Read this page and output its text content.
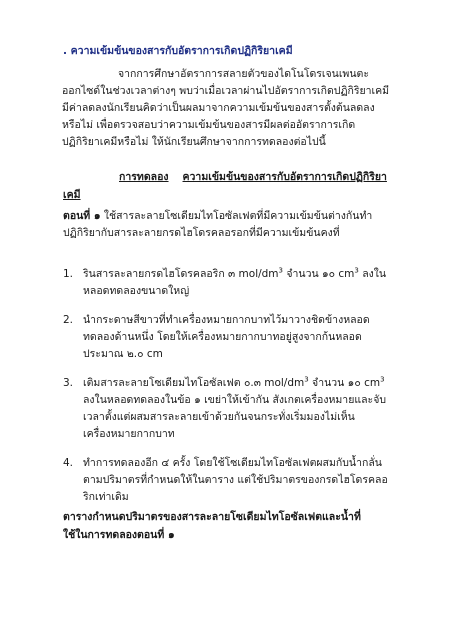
. ความเข้มข้นของสารกับอัตราการเกิดปฏิกิริยาเคมี

จากการศึกษาอัตราการสลายตัวของไดโนโดรเจนเพนตะออกไซด์ในช่วงเวลาต่างๆ พบว่าเมื่อเวลาผ่านไปอัตราการเกิดปฏิกิริยาเคมีมีค่าลดลงนักเรียนคิดว่าเป็นผลมาจากความเข้มข้นของสารตั้งต้นลดลงหรือไม่ เพื่อตรวจสอบว่าความเข้มข้นของสารมีผลต่ออัตราการเกิดปฏิกิริยาเคมีหรือไม่ ให้นักเรียนศึกษาจากการทดลองต่อไปนี้

การทดลอง ความเข้มข้นของสารกับอัตราการเกิดปฏิกิริยาเคมี
ตอนที่ ๑ ใช้สารละลายโซเดียมไทโอซัลเฟตที่มีความเข้มข้นต่างกันทำปฏิกิริยากับสารละลายกรดไฮโดรคลอรอกที่มีความเข้มข้นคงที่
1. รินสารละลายกรดไฮโดรคลอริก ๓ mol/$dm^3$ จำนวน ๑๐ $cm^3$ ลงในหลอดทดลองขนาดใหญ่
2. นำกระดาษสีขาวที่ทำเครื่องหมายกากบาทไว้มาวางชิดข้างหลอดทดลองด้านหนึ่ง โดยให้เครื่องหมายกากบาทอยู่สูงจากก้นหลอดประมาณ ๒.๐ cm
3. เติมสารละลายโซเดียมไทโอซัลเฟต ๐.๓ mol/$dm^3$ จำนวน ๑๐ $cm^3$ ลงในหลอดทดลองในข้อ ๑ เขย่าให้เข้ากัน สังเกตเครื่องหมายและจับเวลาตั้งแต่ผสมสารละลายเข้าด้วยกันจนกระทั่งเริ่มมองไม่เห็นเครื่องหมายกากบาท
4. ทำการทดลองอีก ๔ ครั้ง โดยใช้โซเดียมไทโอซัลเฟตผสมกับน้ำกลั่นตามปริมาตรที่กำหนดให้ในตาราง แต่ใช้ปริมาตรของกรดไฮโดรคลอริกเท่าเดิม
ตารางกำหนดปริมาตรของสารละลายโซเดียมไทโอซัลเฟตและน้ำที่ใช้ในการทดลองตอนที่ ๑
